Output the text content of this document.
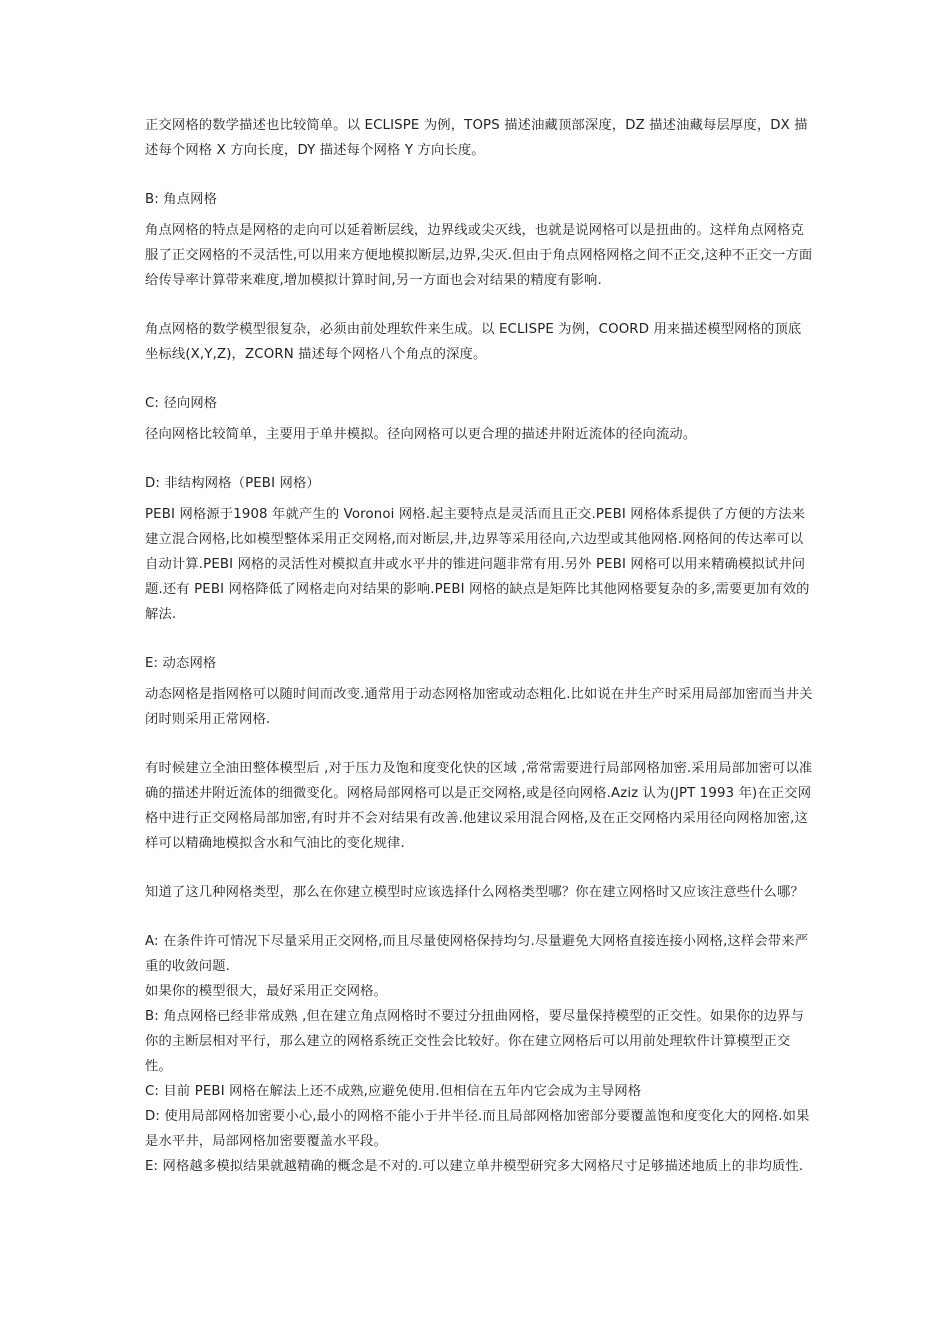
正交网格的数学描述也比较简单。以 ECLISPE 为例，TOPS 描述油藏顶部深度，DZ 描述油藏每层厚度，DX 描述每个网格 X 方向长度，DY 描述每个网格 Y 方向长度。

B: 角点网格

角点网格的特点是网格的走向可以延着断层线，边界线或尖灭线，也就是说网格可以是扭曲的。这样角点网格克服了正交网格的不灵活性,可以用来方便地模拟断层,边界,尖灭.但由于角点网格网格之间不正交,这种不正交一方面给传导率计算带来难度,增加模拟计算时间,另一方面也会对结果的精度有影响.

角点网格的数学模型很复杂，必须由前处理软件来生成。以 ECLISPE 为例，COORD 用来描述模型网格的顶底坐标线(X,Y,Z)，ZCORN 描述每个网格八个角点的深度。

C: 径向网格

径向网格比较简单，主要用于单井模拟。径向网格可以更合理的描述井附近流体的径向流动。

D: 非结构网格（PEBI 网格）

PEBI 网格源于1908 年就产生的 Voronoi 网格.起主要特点是灵活而且正交.PEBI 网格体系提供了方便的方法来建立混合网格,比如模型整体采用正交网格,而对断层,井,边界等采用径向,六边型或其他网格.网格间的传达率可以自动计算.PEBI 网格的灵活性对模拟直井或水平井的锥进问题非常有用.另外 PEBI 网格可以用来精确模拟试井问题.还有 PEBI 网格降低了网格走向对结果的影响.PEBI 网格的缺点是矩阵比其他网格要复杂的多,需要更加有效的解法.

E: 动态网格

动态网格是指网格可以随时间而改变.通常用于动态网格加密或动态粗化.比如说在井生产时采用局部加密而当井关闭时则采用正常网格.

有时候建立全油田整体模型后 ,对于压力及饱和度变化快的区域 ,常常需要进行局部网格加密.采用局部加密可以准确的描述井附近流体的细微变化。网格局部网格可以是正交网格,或是径向网格.Aziz 认为(JPT 1993 年)在正交网格中进行正交网格局部加密,有时并不会对结果有改善.他建议采用混合网格,及在正交网格内采用径向网格加密,这样可以精确地模拟含水和气油比的变化规律.

知道了这几种网格类型，那么在你建立模型时应该选择什么网格类型哪？你在建立网格时又应该注意些什么哪？

A: 在条件许可情况下尽量采用正交网格,而且尽量使网格保持均匀.尽量避免大网格直接连接小网格,这样会带来严重的收敛问题.

如果你的模型很大，最好采用正交网格。

B: 角点网格已经非常成熟 ,但在建立角点网格时不要过分扭曲网格，要尽量保持模型的正交性。如果你的边界与你的主断层相对平行，那么建立的网格系统正交性会比较好。你在建立网格后可以用前处理软件计算模型正交性。

C: 目前 PEBI 网格在解法上还不成熟,应避免使用.但相信在五年内它会成为主导网格

D: 使用局部网格加密要小心,最小的网格不能小于井半径.而且局部网格加密部分要覆盖饱和度变化大的网格.如果是水平井，局部网格加密要覆盖水平段。

E: 网格越多模拟结果就越精确的概念是不对的.可以建立单井模型研究多大网格尺寸足够描述地质上的非均质性.
